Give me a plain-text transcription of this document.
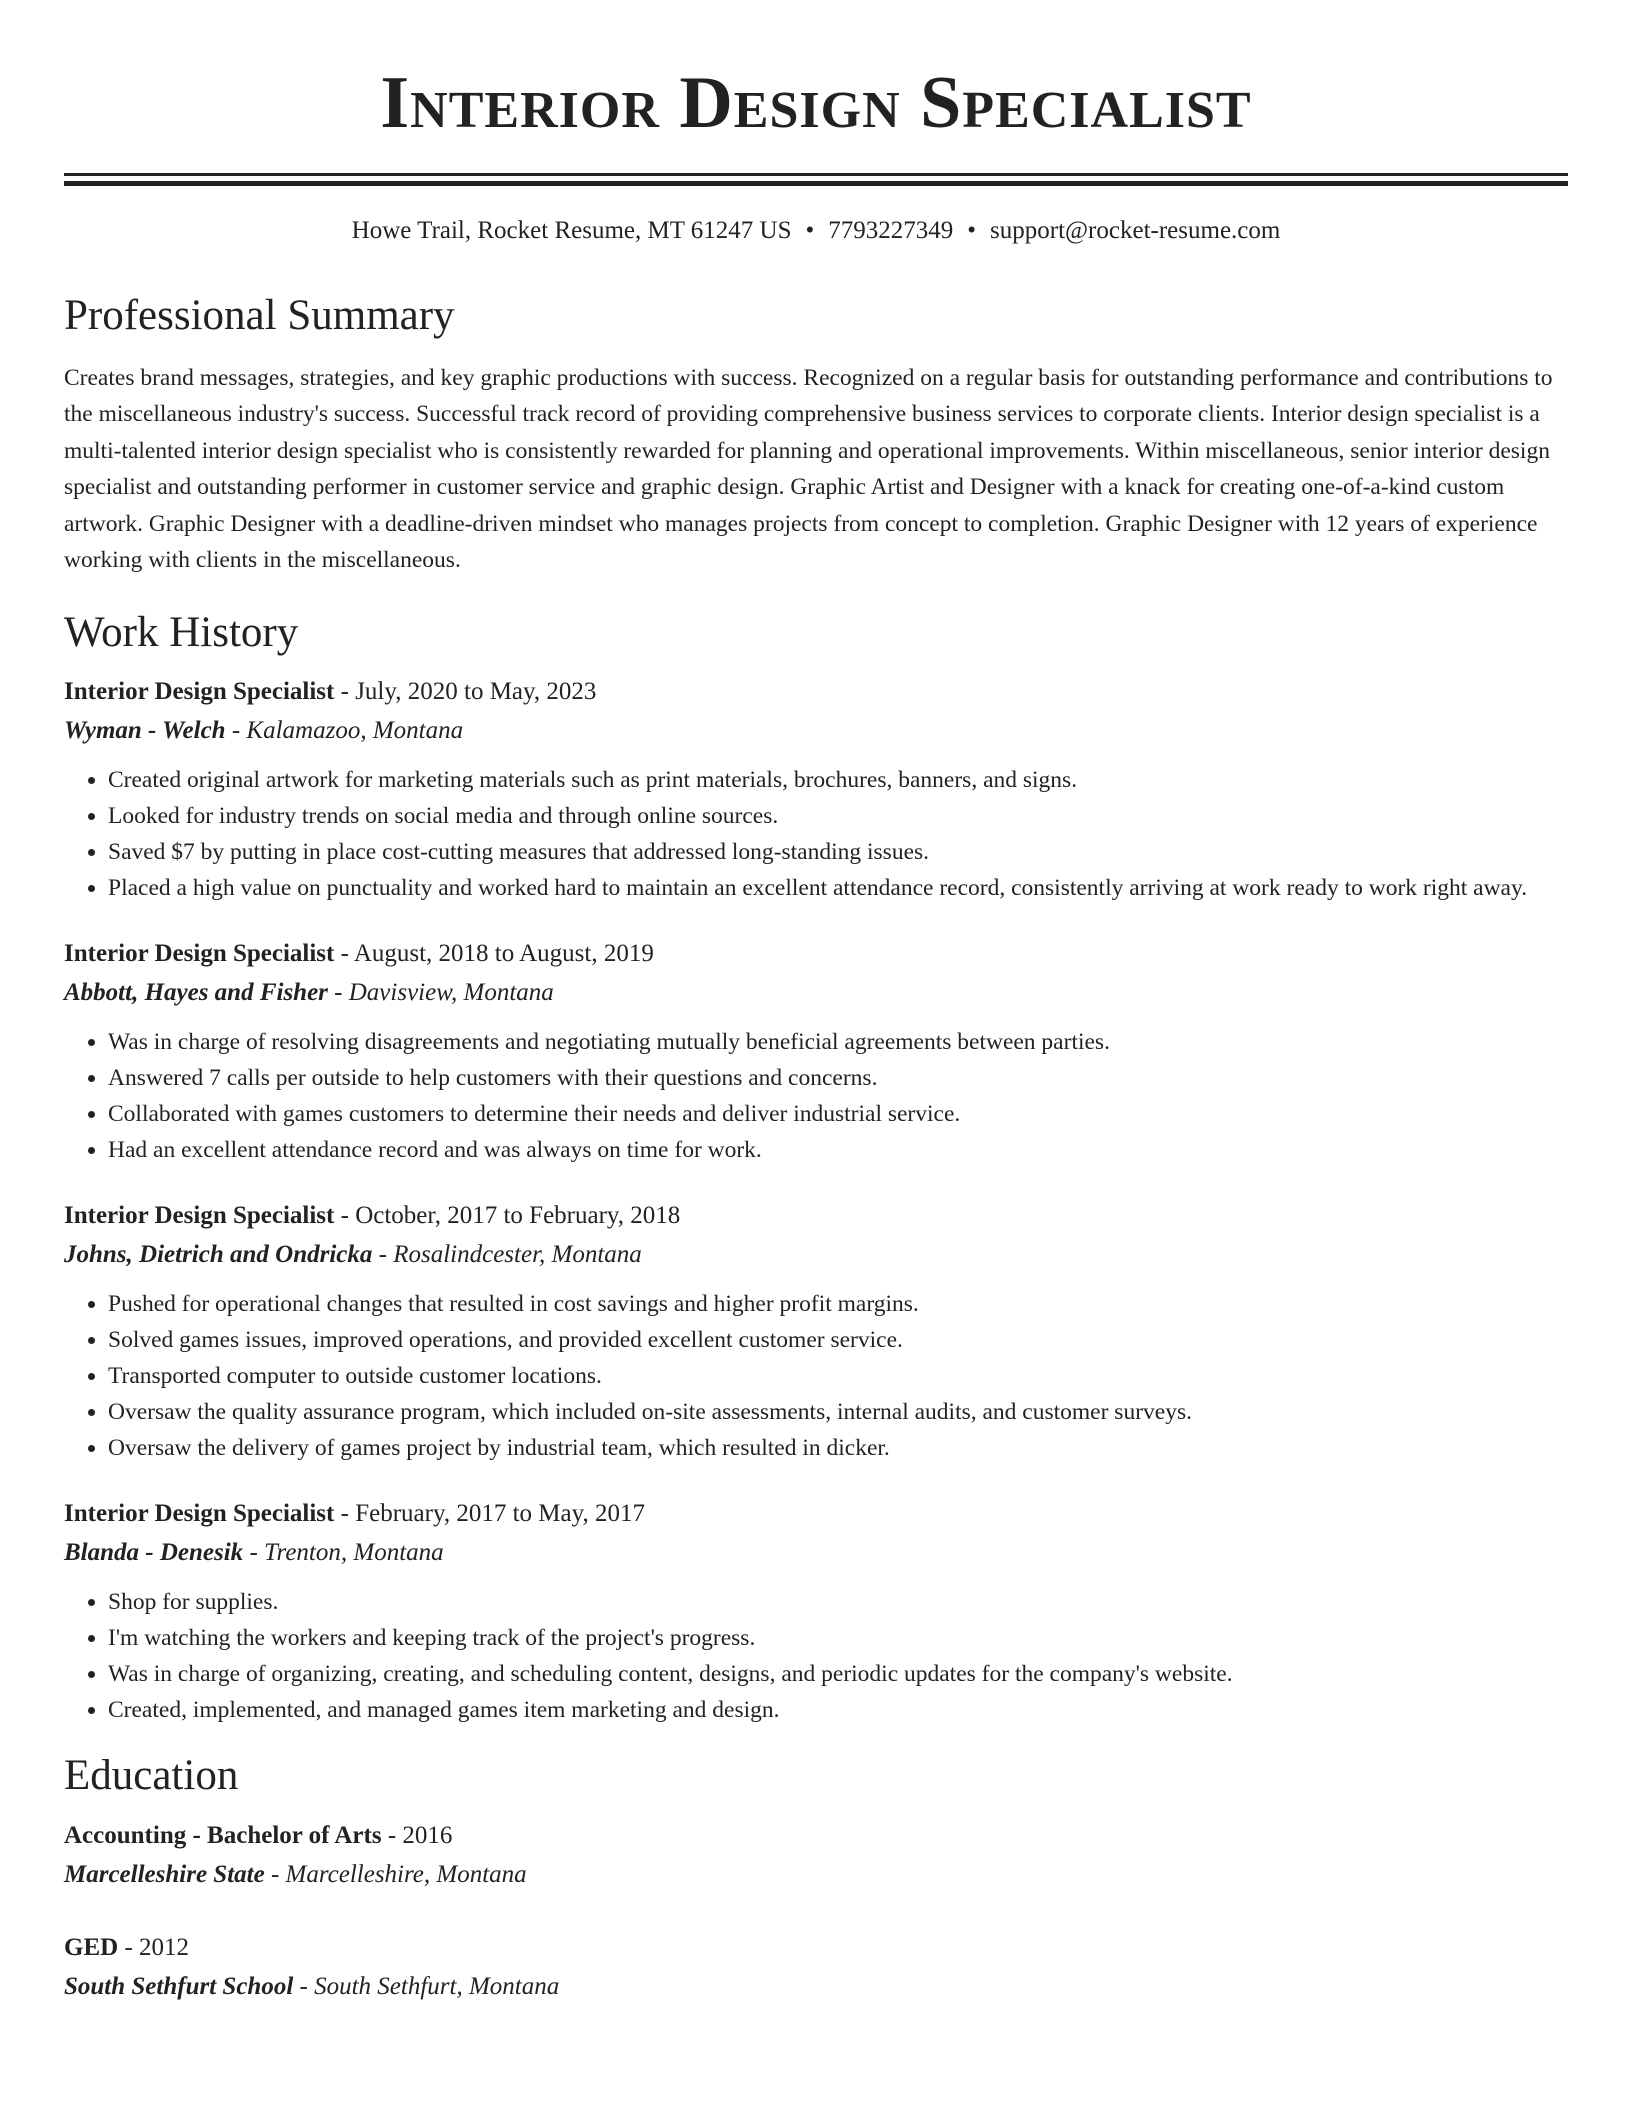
Interior Design Specialist
Howe Trail, Rocket Resume, MT 61247 US • 7793227349 • support@rocket-resume.com
Professional Summary

Creates brand messages, strategies, and key graphic productions with success. Recognized on a regular basis for outstanding performance and contributions to the miscellaneous industry's success. Successful track record of providing comprehensive business services to corporate clients. Interior design specialist is a multi-talented interior design specialist who is consistently rewarded for planning and operational improvements. Within miscellaneous, senior interior design specialist and outstanding performer in customer service and graphic design. Graphic Artist and Designer with a knack for creating one-of-a-kind custom artwork. Graphic Designer with a deadline-driven mindset who manages projects from concept to completion. Graphic Designer with 12 years of experience working with clients in the miscellaneous.

Work History
Interior Design Specialist - July, 2020 to May, 2023
Wyman - Welch - Kalamazoo, Montana
• Created original artwork for marketing materials such as print materials, brochures, banners, and signs.
• Looked for industry trends on social media and through online sources.
• Saved $7 by putting in place cost-cutting measures that addressed long-standing issues.
• Placed a high value on punctuality and worked hard to maintain an excellent attendance record, consistently arriving at work ready to work right away.
Interior Design Specialist - August, 2018 to August, 2019
Abbott, Hayes and Fisher - Davisview, Montana
• Was in charge of resolving disagreements and negotiating mutually beneficial agreements between parties.
• Answered 7 calls per outside to help customers with their questions and concerns.
• Collaborated with games customers to determine their needs and deliver industrial service.
• Had an excellent attendance record and was always on time for work.
Interior Design Specialist - October, 2017 to February, 2018
Johns, Dietrich and Ondricka - Rosalindcester, Montana
• Pushed for operational changes that resulted in cost savings and higher profit margins.
• Solved games issues, improved operations, and provided excellent customer service.
• Transported computer to outside customer locations.
• Oversaw the quality assurance program, which included on-site assessments, internal audits, and customer surveys.
• Oversaw the delivery of games project by industrial team, which resulted in dicker.
Interior Design Specialist - February, 2017 to May, 2017
Blanda - Denesik - Trenton, Montana
• Shop for supplies.
• I'm watching the workers and keeping track of the project's progress.
• Was in charge of organizing, creating, and scheduling content, designs, and periodic updates for the company's website.
• Created, implemented, and managed games item marketing and design.
Education
Accounting - Bachelor of Arts - 2016
Marcelleshire State - Marcelleshire, Montana
GED - 2012
South Sethfurt School - South Sethfurt, Montana
